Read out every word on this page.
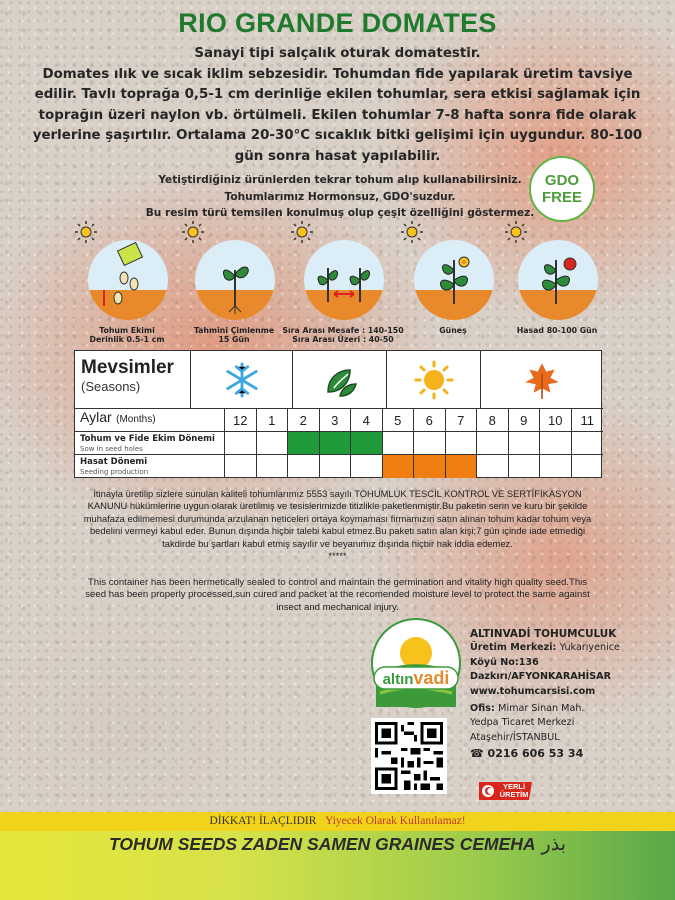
RIO GRANDE DOMATES
Sanayi tipi salçalık oturak domatestir.
Domates ılık ve sıcak iklim sebzesidir. Tohumdan fide yapılarak üretim tavsiye
edilir. Tavlı toprağa 0,5-1 cm derinliğe ekilen tohumlar, sera etkisi sağlamak için
toprağın üzeri naylon vb. örtülmeli. Ekilen tohumlar 7-8 hafta sonra fide olarak
yerlerine şaşırtılır. Ortalama 20-30°C sıcaklık bitki gelişimi için uygundur. 80-100
gün sonra hasat yapılabilir.
Yetiştirdiğiniz ürünlerden tekrar tohum alıp kullanabilirsiniz.
Tohumlarımız Hormonsuz, GDO'suzdur.
Bu resim türü temsilen konulmuş olup çeşit özelliğini göstermez.
GDO
FREE
Tohum Ekimi
Derinlik 0.5-1 cm
Tahmini Çimlenme
15 Gün
Sıra Arası Mesafe : 140-150
Sıra Arası Üzeri : 40-50
Güneş	Hasad 80-100 Gün
Mevsimler
(Seasons)
Aylar (Months)	12	1	2	3	4	5	6	7	8	9	10	11
Tohum ve Fide Ekim Dönemi
Sow in seed holes
Hasat Dönemi
Seeding production
İtinayla üretilip sizlere sunulan kaliteli tohumlarımız 5553 sayılı TOHUMLUK TESCİL KONTROL VE SERTİFİKASYON KANUNU hükümlerine uygun olarak üretilmiş ve tesislerimizde titizlikle paketlenmiştir.Bu paketin serin ve kuru bir şekilde muhafaza edilmemesi durumunda arzulanan neticeleri ortaya koymaması firmamızın satın alınan tohum kadar tohum veya bedelini vermeyi kabul eder. Bunun dışında hiçbir talebi kabul etmez.Bu paketi satın alan kişi;7 gün içinde iade etmediği takdirde bu şartları kabul etmiş sayılır ve beyanımız dışında hiçbir hak iddia edemez.
*****
This container has been hermetically sealed to control and maintain the germination and vitality high quality seed.This seed has been properly processed,sun cured and packet at the recomended moisture level to protect the same against insect and mechanical injury.
altınvadi
ALTINVADİ TOHUMCULUK
Üretim Merkezi: Yukarıyenice
Köyü No:136
Dazkırı/AFYONKARAHİSAR
www.tohumcarsisi.com
Ofis: Mimar Sinan Mah.
Yedpa Ticaret Merkezi
Ataşehir/İSTANBUL
☎ 0216 606 53 34
YERLİ
ÜRETİM
DİKKAT! İLAÇLIDIR Yiyecek Olarak Kullanılamaz!
TOHUM SEEDS ZADEN SAMEN GRAINES CEMEHA بذر
